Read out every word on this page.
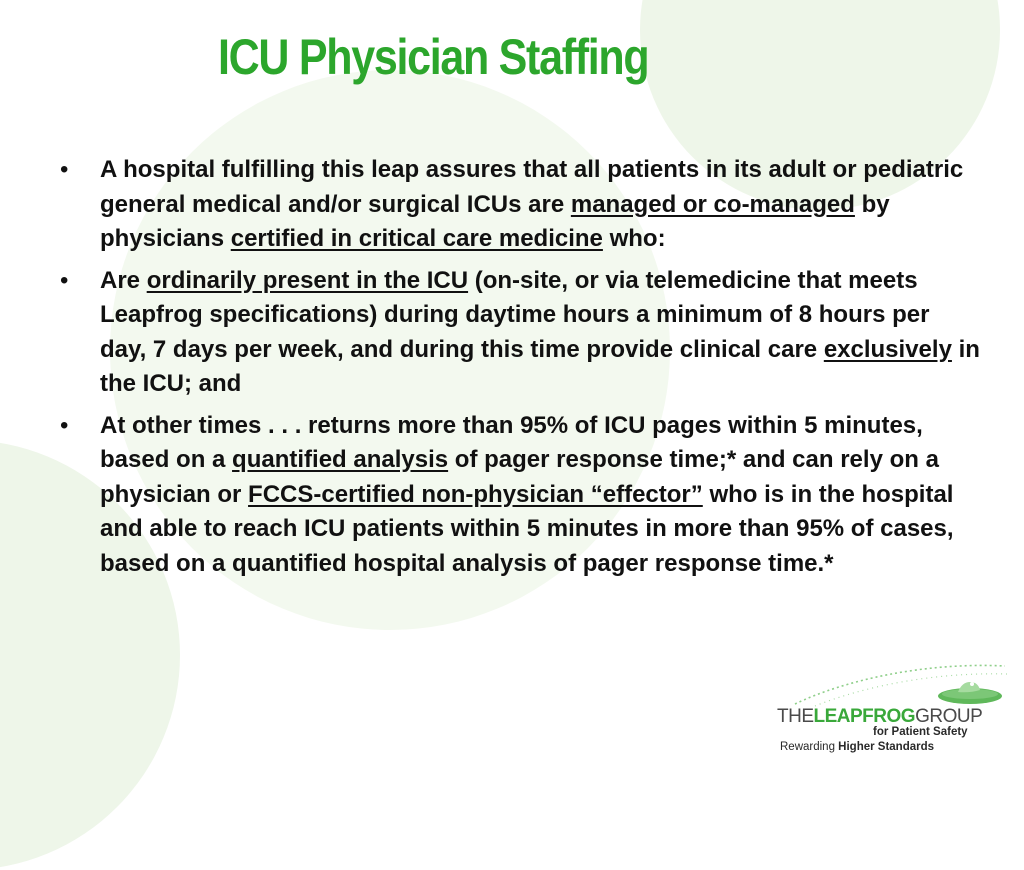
ICU Physician Staffing
• A hospital fulfilling this leap assures that all patients in its adult or pediatric general medical and/or surgical ICUs are managed or co-managed by physicians certified in critical care medicine who:
• Are ordinarily present in the ICU (on-site, or via telemedicine that meets Leapfrog specifications) during daytime hours a minimum of 8 hours per day, 7 days per week, and during this time provide clinical care exclusively in the ICU; and
• At other times . . . returns more than 95% of ICU pages within 5 minutes, based on a quantified analysis of pager response time;* and can rely on a physician or FCCS-certified non-physician “effector” who is in the hospital and able to reach ICU patients within 5 minutes in more than 95% of cases, based on a quantified hospital analysis of pager response time.*
THELEAPFROGGROUP
for Patient Safety
Rewarding Higher Standards
